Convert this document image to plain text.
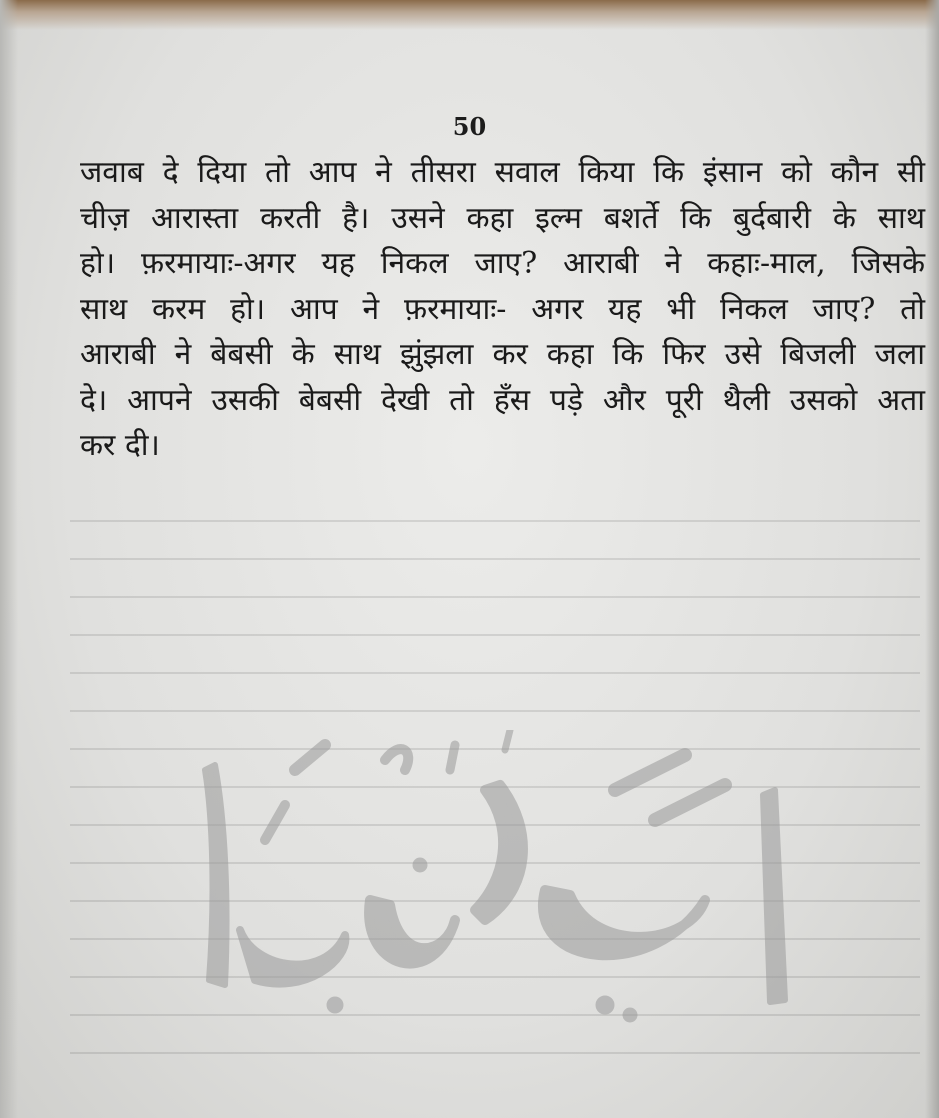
50
जवाब दे दिया तो आप ने तीसरा सवाल किया कि इंसान को कौन सी
चीज़ आरास्ता करती है। उसने कहा इल्म बशर्ते कि बुर्दबारी के साथ
हो। फ़रमायाः-अगर यह निकल जाए? आराबी ने कहाः-माल, जिसके
साथ करम हो। आप ने फ़रमायाः- अगर यह भी निकल जाए? तो
आराबी ने बेबसी के साथ झुंझला कर कहा कि फिर उसे बिजली जला
दे। आपने उसकी बेबसी देखी तो हँस पड़े और पूरी थैली उसको अता
कर दी।
